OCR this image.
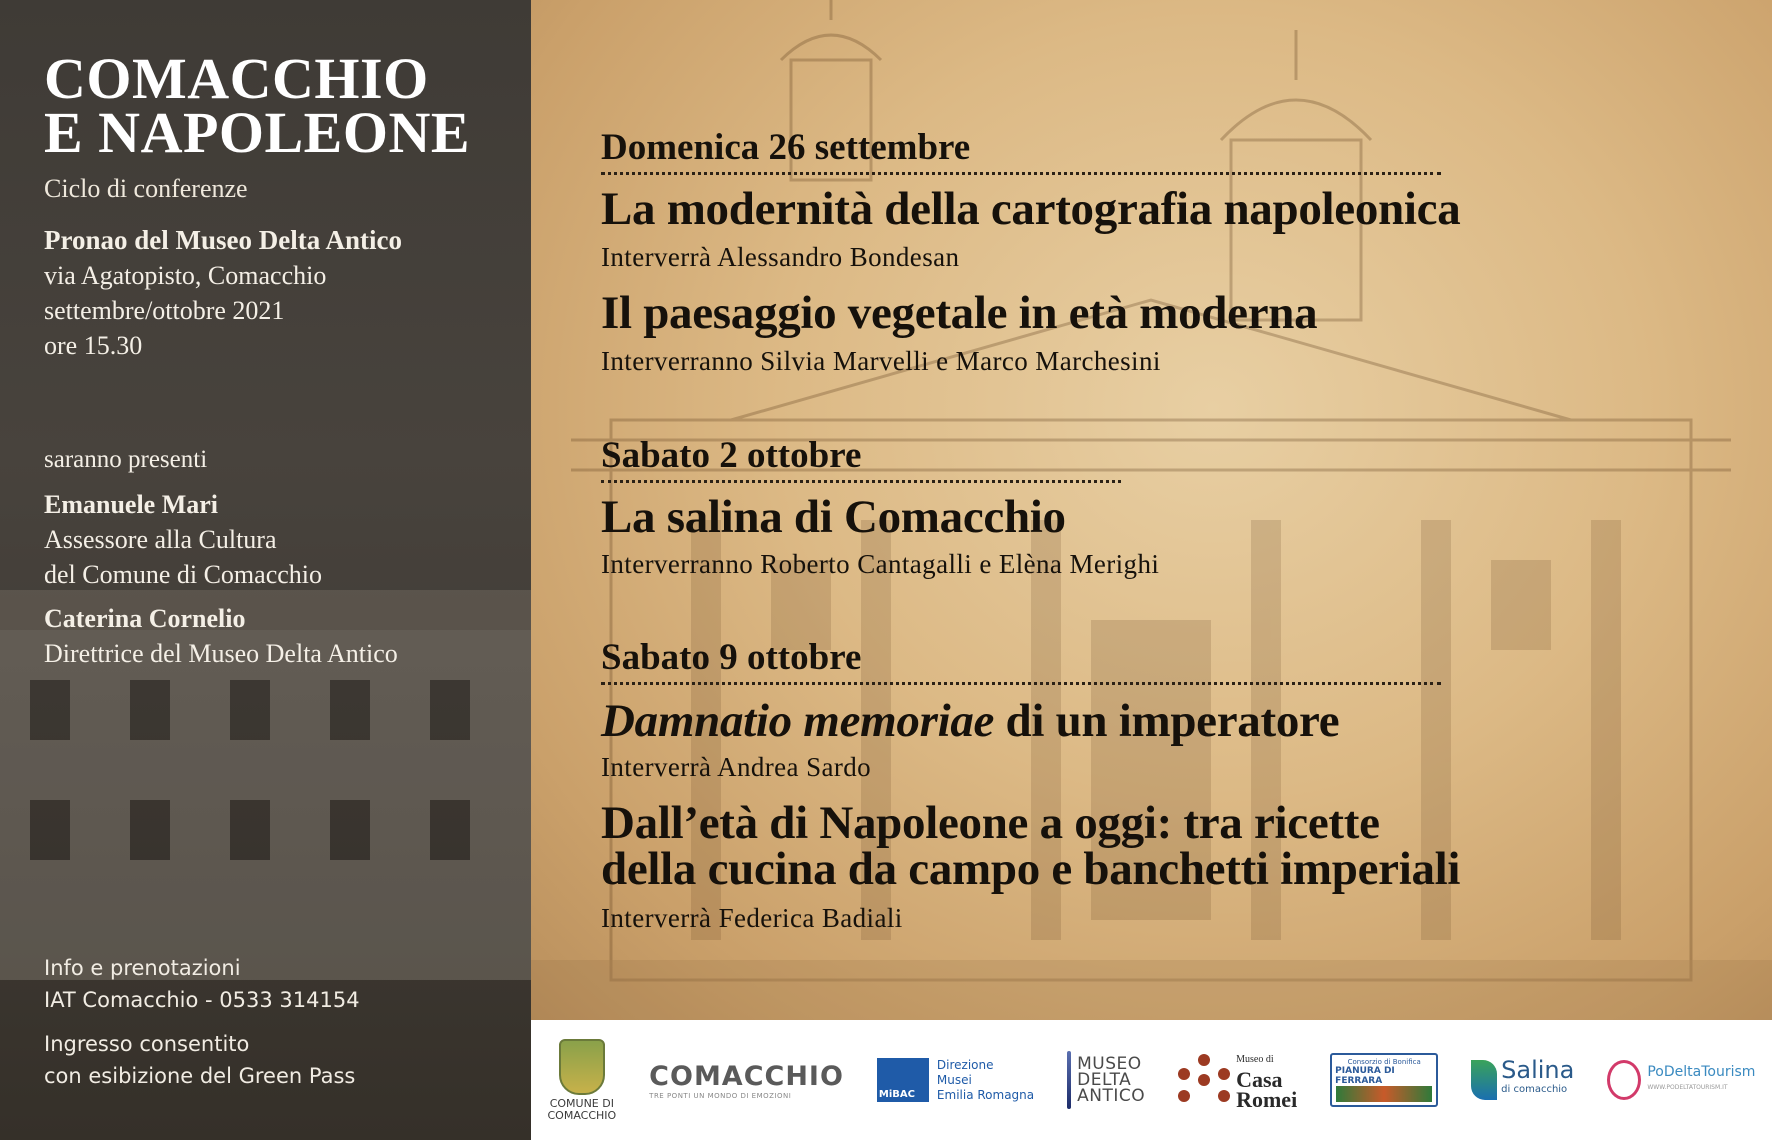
COMACCHIO
E NAPOLEONE
Ciclo di conferenze
Pronao del Museo Delta Antico
via Agatopisto, Comacchio
settembre/ottobre 2021
ore 15.30
saranno presenti
Emanuele Mari
Assessore alla Cultura
del Comune di Comacchio
Caterina Cornelio
Direttrice del Museo Delta Antico
Info e prenotazioni
IAT Comacchio - 0533 314154
Ingresso consentito
con esibizione del Green Pass
Domenica 26 settembre
La modernità della cartografia napoleonica
Interverrà Alessandro Bondesan
Il paesaggio vegetale in età moderna
Interverranno Silvia Marvelli e Marco Marchesini
Sabato 2 ottobre
La salina di Comacchio
Interverranno Roberto Cantagalli e Elèna Merighi
Sabato 9 ottobre
Damnatio memoriae di un imperatore
Interverrà Andrea Sardo
Dall’età di Napoleone a oggi: tra ricette
della cucina da campo e banchetti imperiali
Interverrà Federica Badiali
COMUNE DI
COMACCHIO
COMACCHIO
TRE PONTI UN MONDO DI EMOZIONI	MiBAC
Direzione
Musei
Emilia Romagna
MUSEO
DELTA
ANTICO
Museo di
Casa
Romei
Consorzio di Bonifica
PIANURA DI FERRARA	Salina
di comacchio
PoDeltaTourism
WWW.PODELTATOURISM.IT
